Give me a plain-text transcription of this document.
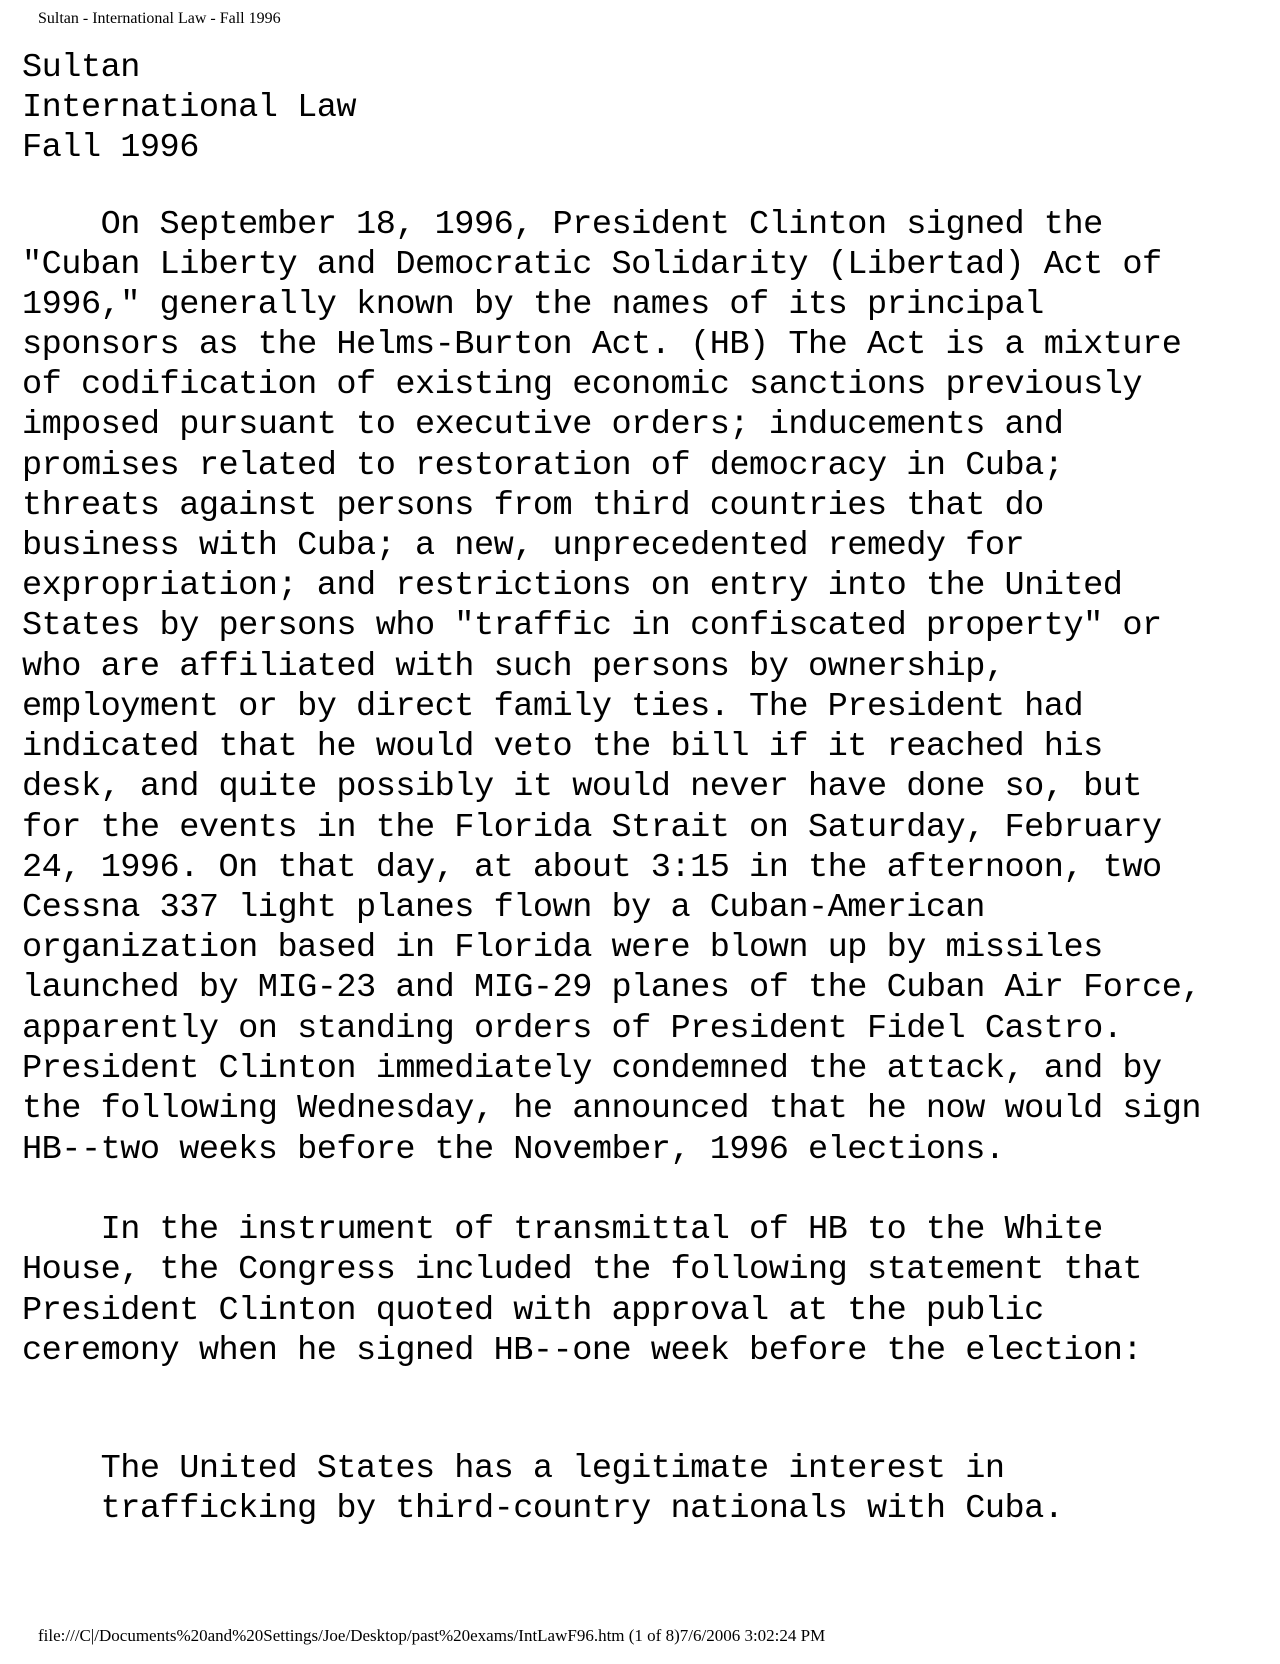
Sultan - International Law - Fall 1996

Sultan

International Law

Fall 1996

On September 18, 1996, President Clinton signed the

"Cuban Liberty and Democratic Solidarity (Libertad) Act of

1996," generally known by the names of its principal

sponsors as the Helms-Burton Act. (HB) The Act is a mixture

of codification of existing economic sanctions previously

imposed pursuant to executive orders; inducements and

promises related to restoration of democracy in Cuba;

threats against persons from third countries that do

business with Cuba; a new, unprecedented remedy for

expropriation; and restrictions on entry into the United

States by persons who "traffic in confiscated property" or

who are affiliated with such persons by ownership,

employment or by direct family ties. The President had

indicated that he would veto the bill if it reached his

desk, and quite possibly it would never have done so, but

for the events in the Florida Strait on Saturday, February

24, 1996. On that day, at about 3:15 in the afternoon, two

Cessna 337 light planes flown by a Cuban-American

organization based in Florida were blown up by missiles

launched by MIG-23 and MIG-29 planes of the Cuban Air Force,

apparently on standing orders of President Fidel Castro.

President Clinton immediately condemned the attack, and by

the following Wednesday, he announced that he now would sign

HB--two weeks before the November, 1996 elections.

In the instrument of transmittal of HB to the White

House, the Congress included the following statement that

President Clinton quoted with approval at the public

ceremony when he signed HB--one week before the election:

The United States has a legitimate interest in

trafficking by third-country nationals with Cuba.

file:///C|/Documents%20and%20Settings/Joe/Desktop/past%20exams/IntLawF96.htm (1 of 8)7/6/2006 3:02:24 PM
